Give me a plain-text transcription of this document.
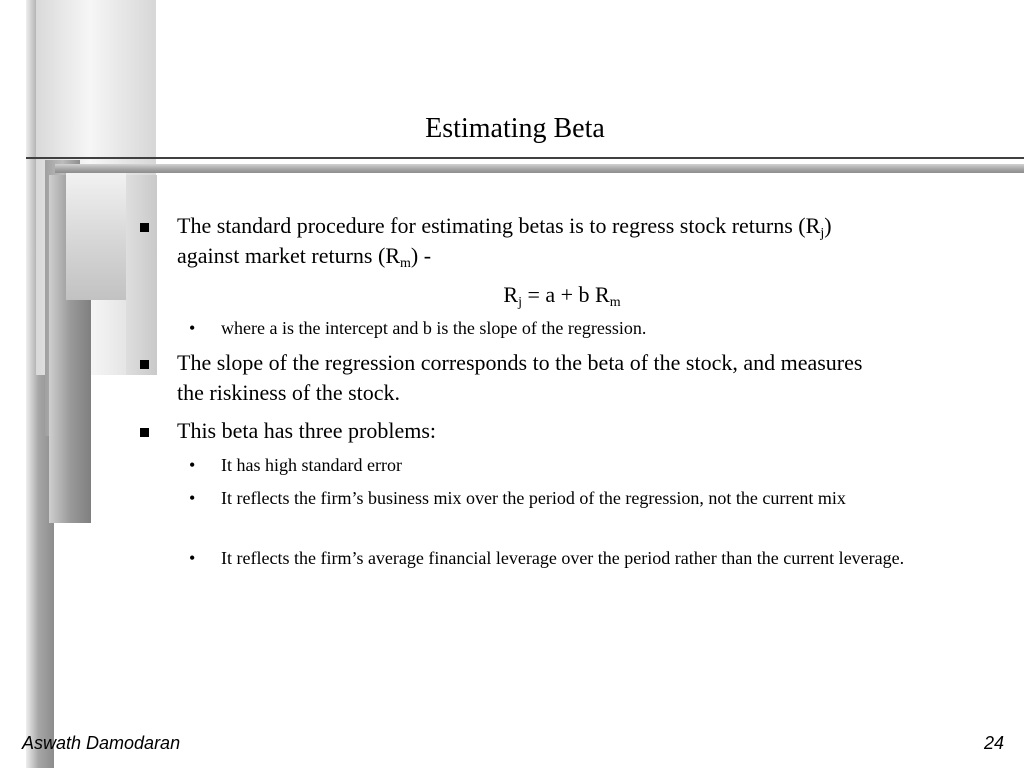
Estimating Beta
The standard procedure for estimating betas is to regress stock returns $(R_j)$
against market returns $(R_m)$ -
$R_j = a + b$ $R_m$
• where a is the intercept and b is the slope of the regression.
The slope of the regression corresponds to the beta of the stock, and measures
the riskiness of the stock.
This beta has three problems:
• It has high standard error
• It reflects the firm’s business mix over the period of the regression, not the current mix
• It reflects the firm’s average financial leverage over the period rather than the current leverage.
Aswath Damodaran	24
